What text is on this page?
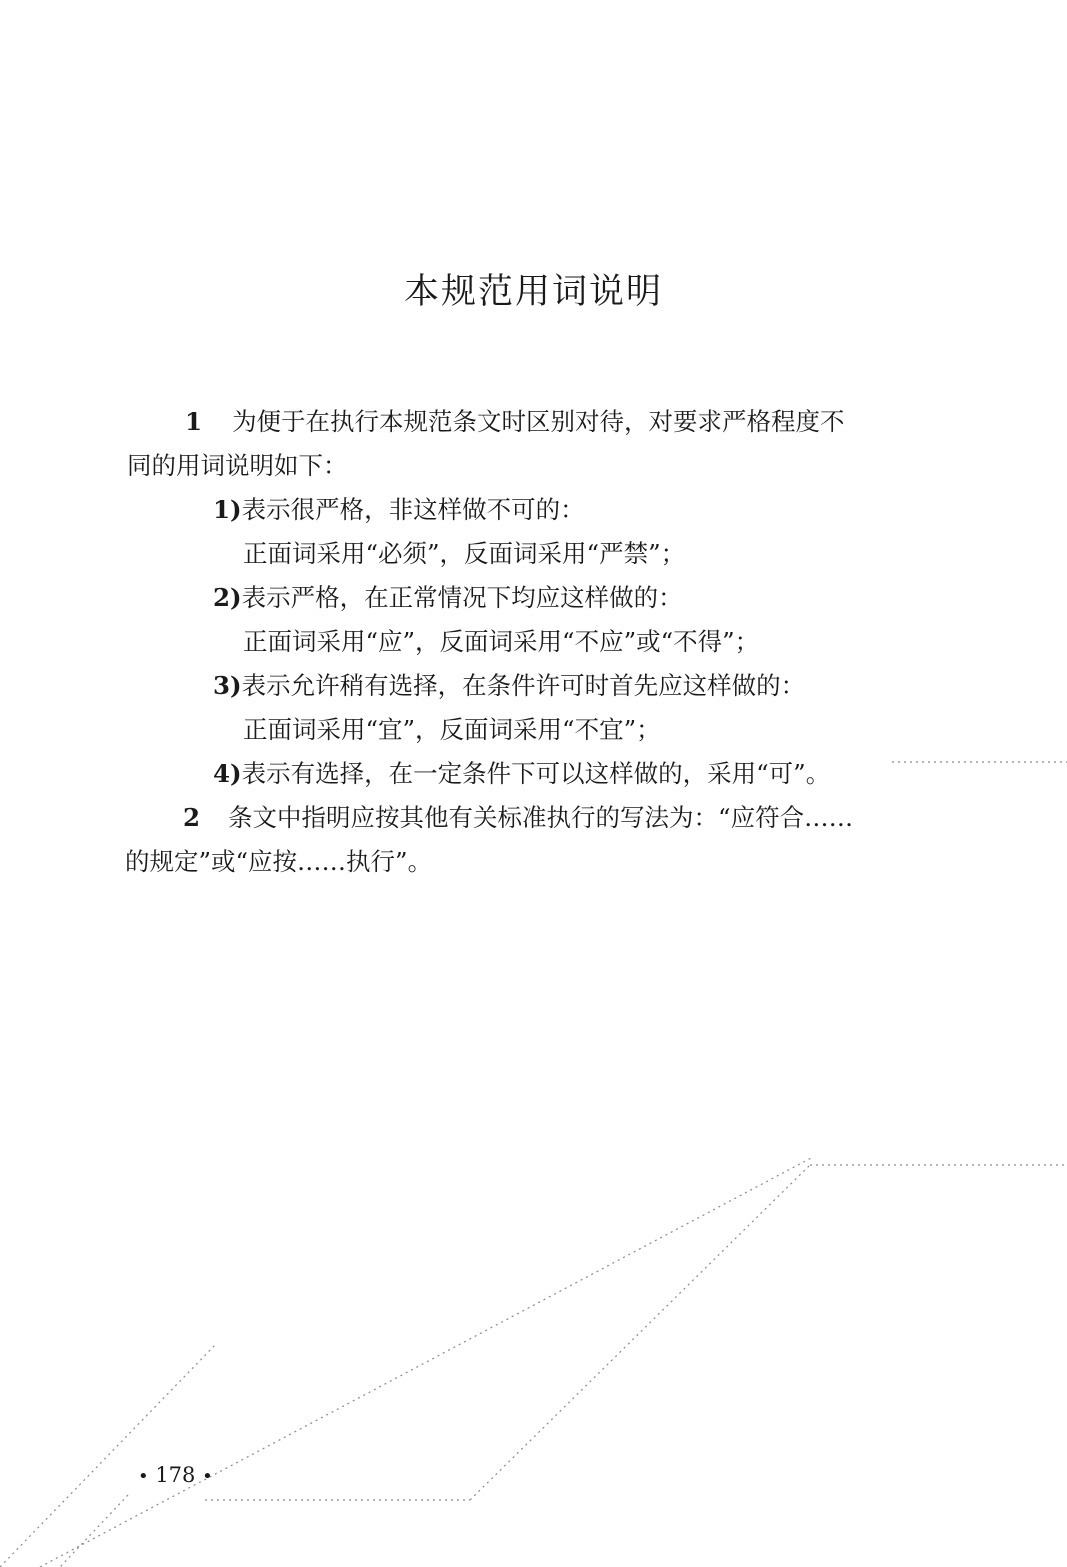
本规范用词说明
1 为便于在执行本规范条文时区别对待，对要求严格程度不
同的用词说明如下：
1)表示很严格，非这样做不可的：
正面词采用“必须”，反面词采用“严禁”；
2)表示严格，在正常情况下均应这样做的：
正面词采用“应”，反面词采用“不应”或“不得”；
3)表示允许稍有选择，在条件许可时首先应这样做的：
正面词采用“宜”，反面词采用“不宜”；
4)表示有选择，在一定条件下可以这样做的，采用“可”。
2 条文中指明应按其他有关标准执行的写法为：“应符合……
的规定”或“应按……执行”。
• 178 •
